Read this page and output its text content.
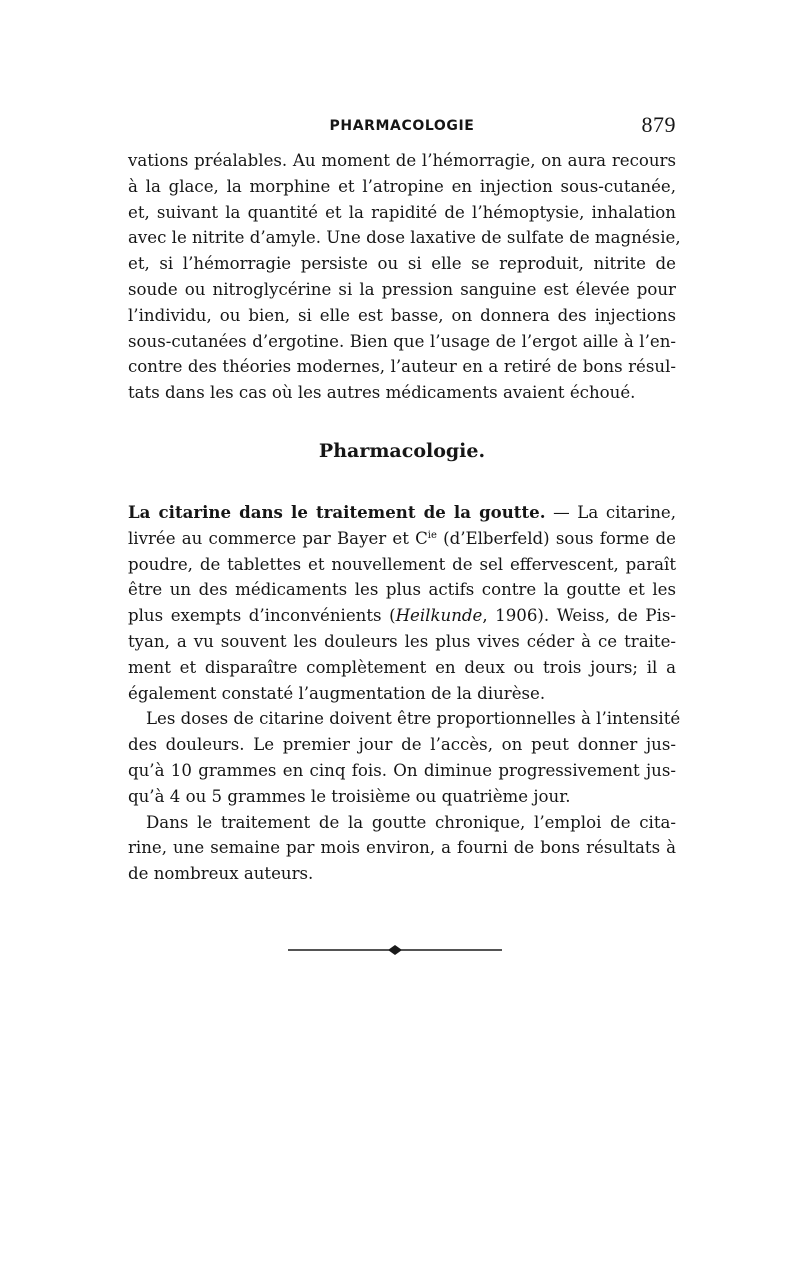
PHARMACOLOGIE	879
vations préalables. Au moment de l’hémorragie, on aura recours
à la glace, la morphine et l’atropine en injection sous-cutanée,
et, suivant la quantité et la rapidité de l’hémoptysie, inhalation
avec le nitrite d’amyle. Une dose laxative de sulfate de magnésie,
et, si l’hémorragie persiste ou si elle se reproduit, nitrite de
soude ou nitroglycérine si la pression sanguine est élevée pour
l’individu, ou bien, si elle est basse, on donnera des injections
sous-cutanées d’ergotine. Bien que l’usage de l’ergot aille à l’en-
contre des théories modernes, l’auteur en a retiré de bons résul-
tats dans les cas où les autres médicaments avaient échoué.
Pharmacologie.
La citarine dans le traitement de la goutte. — La citarine,
livrée au commerce par Bayer et $C^{ie}$ (d’Elberfeld) sous forme de
poudre, de tablettes et nouvellement de sel effervescent, paraît
être un des médicaments les plus actifs contre la goutte et les
plus exempts d’inconvénients (Heilkunde, 1906). Weiss, de Pis-
tyan, a vu souvent les douleurs les plus vives céder à ce traite-
ment et disparaître complètement en deux ou trois jours; il a
également constaté l’augmentation de la diurèse.
Les doses de citarine doivent être proportionnelles à l’intensité
des douleurs. Le premier jour de l’accès, on peut donner jus-
qu’à 10 grammes en cinq fois. On diminue progressivement jus-
qu’à 4 ou 5 grammes le troisième ou quatrième jour.
Dans le traitement de la goutte chronique, l’emploi de cita-
rine, une semaine par mois environ, a fourni de bons résultats à
de nombreux auteurs.
